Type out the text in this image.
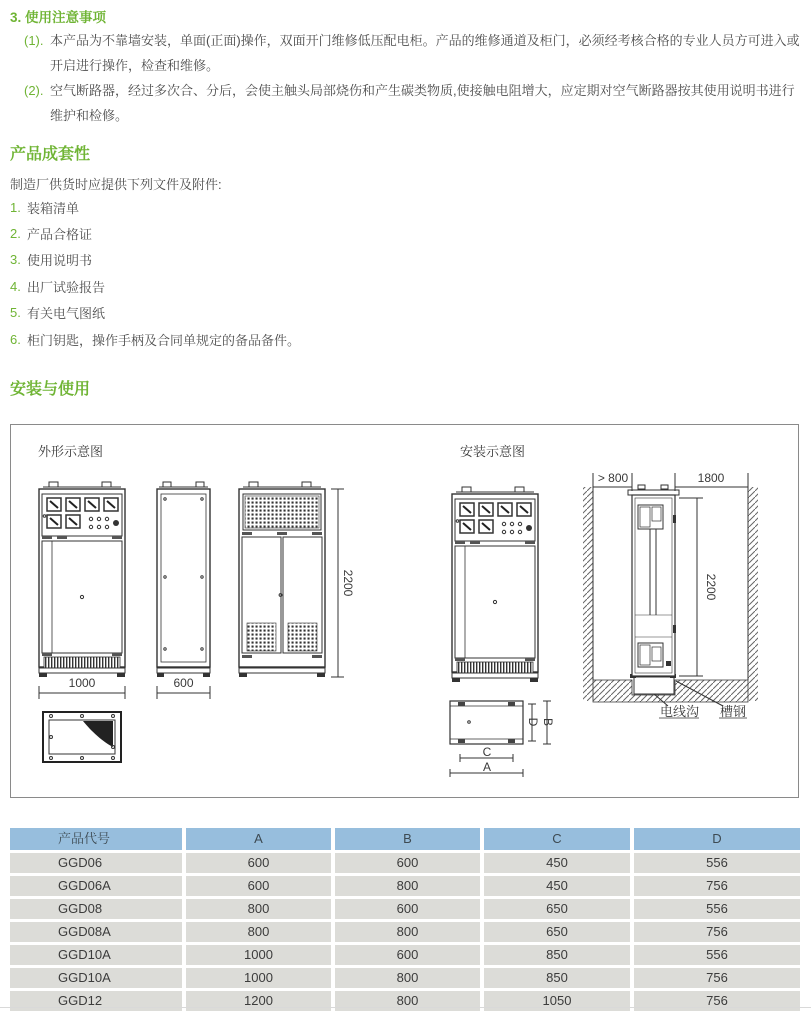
3. 使用注意事项
(1). 本产品为不靠墙安装，单面(正面)操作，双面开门维修低压配电柜。产品的维修通道及柜门，必须经考核合格的专业人员方可进入或开启进行操作，检查和维修。
(2). 空气断路器，经过多次合、分后，会使主触头局部烧伤和产生碳类物质,使接触电阻增大，应定期对空气断路器按其使用说明书进行维护和检修。
产品成套性

制造厂供货时应提供下列文件及附件:

1. 装箱清单
2. 产品合格证
3. 使用说明书
4. 出厂试验报告
5. 有关电气图纸
6. 柜门钥匙，操作手柄及合同单规定的备品备件。
安装与使用
外形示意图	安装示意图
1000	600
2200
C
A
D B
> 800	1800
2200
电线沟 槽钢
产品代号	A	B	C	D
GGD06	600	600	450	556
GGD06A	600	800	450	756
GGD08	800	600	650	556
GGD08A	800	800	650	756
GGD10A	1000	600	850	556
GGD10A	1000	800	850	756
GGD12	1200	800	1050	756
